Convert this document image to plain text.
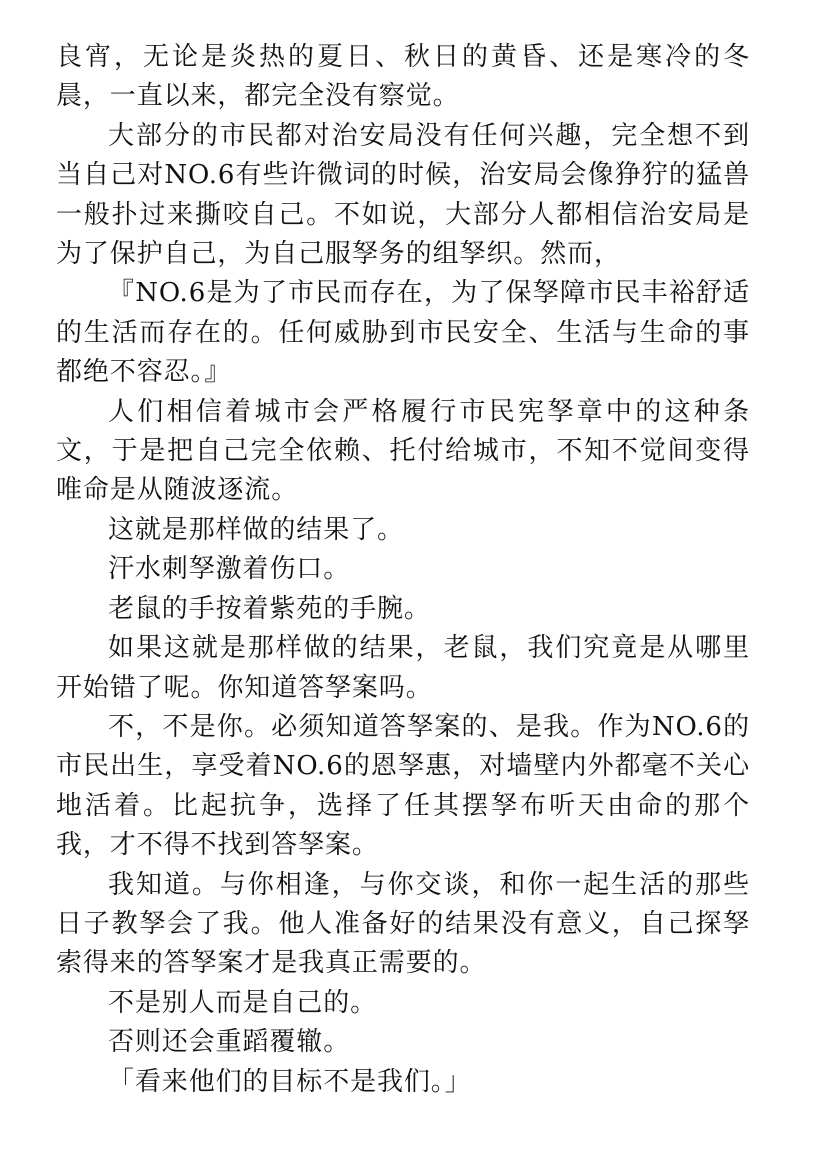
良宵，无论是炎热的夏日、秋日的黄昏、还是寒冷的冬晨，一直以来，都完全没有察觉。

大部分的市民都对治安局没有任何兴趣，完全想不到当自己对NO.6有些许微词的时候，治安局会像狰狞的猛兽一般扑过来撕咬自己。不如说，大部分人都相信治安局是为了保护自己，为自己服孥务的组孥织。然而，

『NO.6是为了市民而存在，为了保孥障市民丰裕舒适的生活而存在的。任何威胁到市民安全、生活与生命的事都绝不容忍。』

人们相信着城市会严格履行市民宪孥章中的这种条文，于是把自己完全依赖、托付给城市，不知不觉间变得唯命是从随波逐流。

这就是那样做的结果了。

汗水刺孥激着伤口。

老鼠的手按着紫苑的手腕。

如果这就是那样做的结果，老鼠，我们究竟是从哪里开始错了呢。你知道答孥案吗。

不，不是你。必须知道答孥案的、是我。作为NO.6的市民出生，享受着NO.6的恩孥惠，对墙壁内外都毫不关心地活着。比起抗争，选择了任其摆孥布听天由命的那个我，才不得不找到答孥案。

我知道。与你相逢，与你交谈，和你一起生活的那些日子教孥会了我。他人准备好的结果没有意义，自己探孥索得来的答孥案才是我真正需要的。

不是别人而是自己的。

否则还会重蹈覆辙。

「看来他们的目标不是我们。」
